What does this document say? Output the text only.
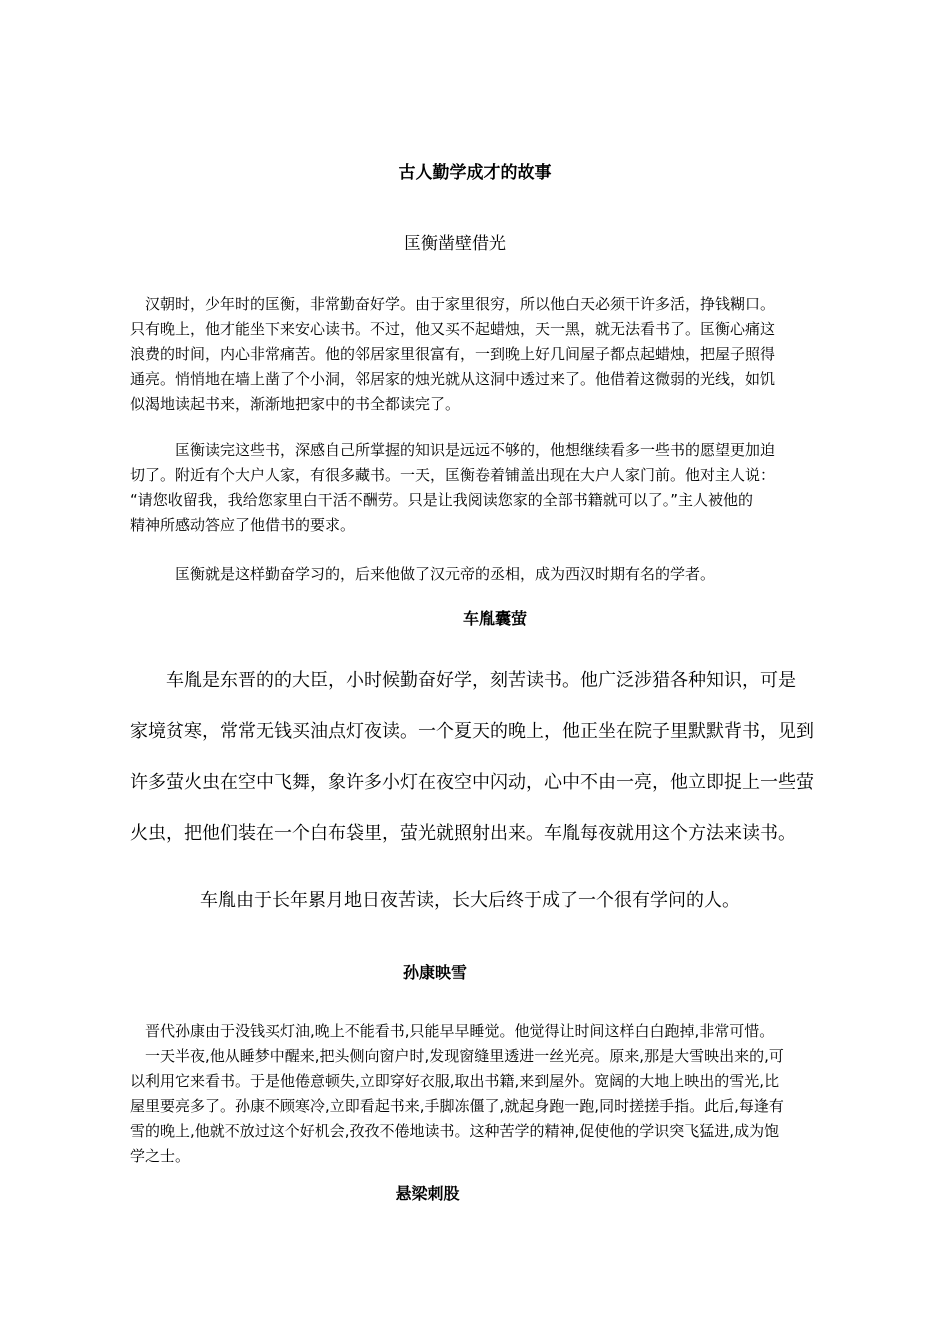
古人勤学成才的故事
匡衡凿壁借光
　汉朝时，少年时的匡衡，非常勤奋好学。由于家里很穷，所以他白天必须干许多活，挣钱糊口。
只有晚上，他才能坐下来安心读书。不过，他又买不起蜡烛，天一黑，就无法看书了。匡衡心痛这
浪费的时间，内心非常痛苦。他的邻居家里很富有，一到晚上好几间屋子都点起蜡烛，把屋子照得
通亮。悄悄地在墙上凿了个小洞，邻居家的烛光就从这洞中透过来了。他借着这微弱的光线，如饥
似渴地读起书来，渐渐地把家中的书全都读完了。
　　　匡衡读完这些书，深感自己所掌握的知识是远远不够的，他想继续看多一些书的愿望更加迫
切了。附近有个大户人家，有很多藏书。一天，匡衡卷着铺盖出现在大户人家门前。他对主人说：
“请您收留我，我给您家里白干活不酬劳。只是让我阅读您家的全部书籍就可以了。”主人被他的
精神所感动答应了他借书的要求。

　　　匡衡就是这样勤奋学习的，后来他做了汉元帝的丞相，成为西汉时期有名的学者。

车胤囊萤
　　车胤是东晋的的大臣，小时候勤奋好学，刻苦读书。他广泛涉猎各种知识，可是
家境贫寒，常常无钱买油点灯夜读。一个夏天的晚上，他正坐在院子里默默背书，见到
许多萤火虫在空中飞舞，象许多小灯在夜空中闪动，心中不由一亮，他立即捉上一些萤
火虫，把他们装在一个白布袋里，萤光就照射出来。车胤每夜就用这个方法来读书。

车胤由于长年累月地日夜苦读，长大后终于成了一个很有学问的人。

孙康映雪

　晋代孙康由于没钱买灯油,晚上不能看书,只能早早睡觉。他觉得让时间这样白白跑掉,非常可惜。

　一天半夜,他从睡梦中醒来,把头侧向窗户时,发现窗缝里透进一丝光亮。原来,那是大雪映出来的,可
以利用它来看书。于是他倦意顿失,立即穿好衣服,取出书籍,来到屋外。宽阔的大地上映出的雪光,比
屋里要亮多了。孙康不顾寒冷,立即看起书来,手脚冻僵了,就起身跑一跑,同时搓搓手指。此后,每逢有
雪的晚上,他就不放过这个好机会,孜孜不倦地读书。这种苦学的精神,促使他的学识突飞猛进,成为饱
学之士。
悬梁刺股
